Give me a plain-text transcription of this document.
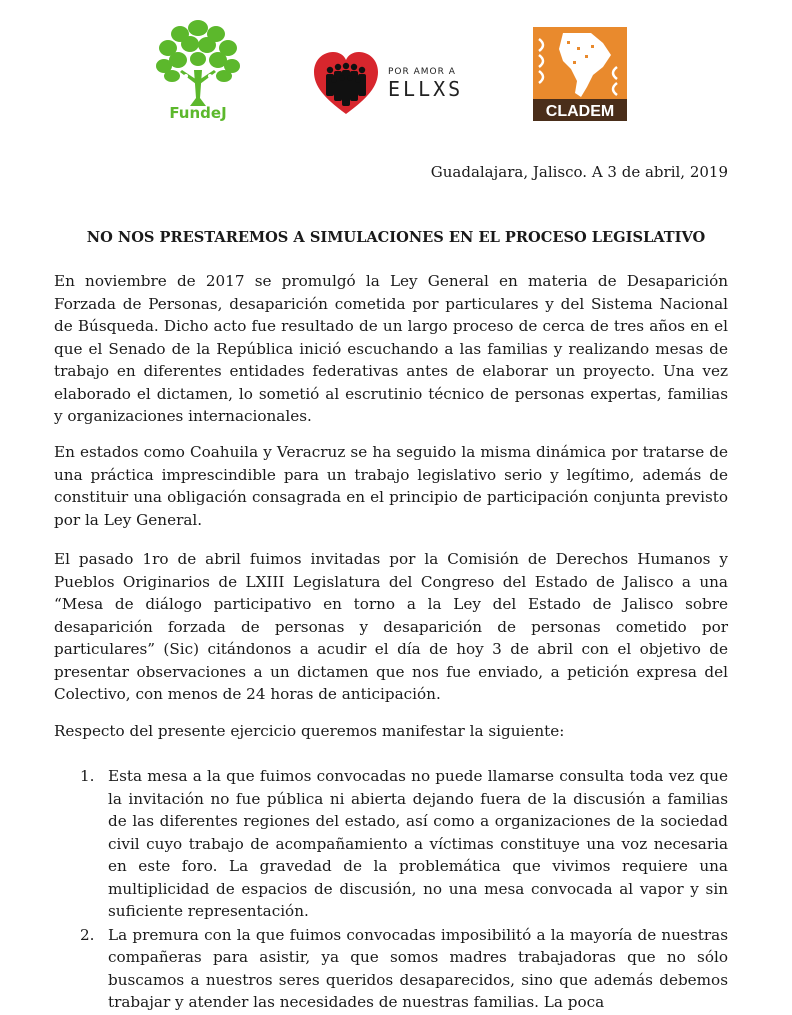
FundeJ
POR AMOR A
ELLXS
CLADEM
Guadalajara, Jalisco. A 3 de abril, 2019
NO NOS PRESTAREMOS A SIMULACIONES EN EL PROCESO LEGISLATIVO

En noviembre de 2017 se promulgó la Ley General en materia de Desaparición Forzada de Personas, desaparición cometida por particulares y del Sistema Nacional de Búsqueda. Dicho acto fue resultado de un largo proceso de cerca de tres años en el que el Senado de la República inició escuchando a las familias y realizando mesas de trabajo en diferentes entidades federativas antes de elaborar un proyecto. Una vez elaborado el dictamen, lo sometió al escrutinio técnico de personas expertas, familias y organizaciones internacionales.

En estados como Coahuila y Veracruz se ha seguido la misma dinámica por tratarse de una práctica imprescindible para un trabajo legislativo serio y legítimo, además de constituir una obligación consagrada en el principio de participación conjunta previsto por la Ley General.

El pasado 1ro de abril fuimos invitadas por la Comisión de Derechos Humanos y Pueblos Originarios de LXIII Legislatura del Congreso del Estado de Jalisco a una “Mesa de diálogo participativo en torno a la Ley del Estado de Jalisco sobre desaparición forzada de personas y desaparición de personas cometido por particulares” (Sic) citándonos a acudir el día de hoy 3 de abril con el objetivo de presentar observaciones a un dictamen que nos fue enviado, a petición expresa del Colectivo, con menos de 24 horas de anticipación.

Respecto del presente ejercicio queremos manifestar la siguiente:

1. Esta mesa a la que fuimos convocadas no puede llamarse consulta toda vez que la invitación no fue pública ni abierta dejando fuera de la discusión a familias de las diferentes regiones del estado, así como a organizaciones de la sociedad civil cuyo trabajo de acompañamiento a víctimas constituye una voz necesaria en este foro. La gravedad de la problemática que vivimos requiere una multiplicidad de espacios de discusión, no una mesa convocada al vapor y sin suficiente representación.
2. La premura con la que fuimos convocadas imposibilitó a la mayoría de nuestras compañeras para asistir, ya que somos madres trabajadoras que no sólo buscamos a nuestros seres queridos desaparecidos, sino que además debemos trabajar y atender las necesidades de nuestras familias. La poca
